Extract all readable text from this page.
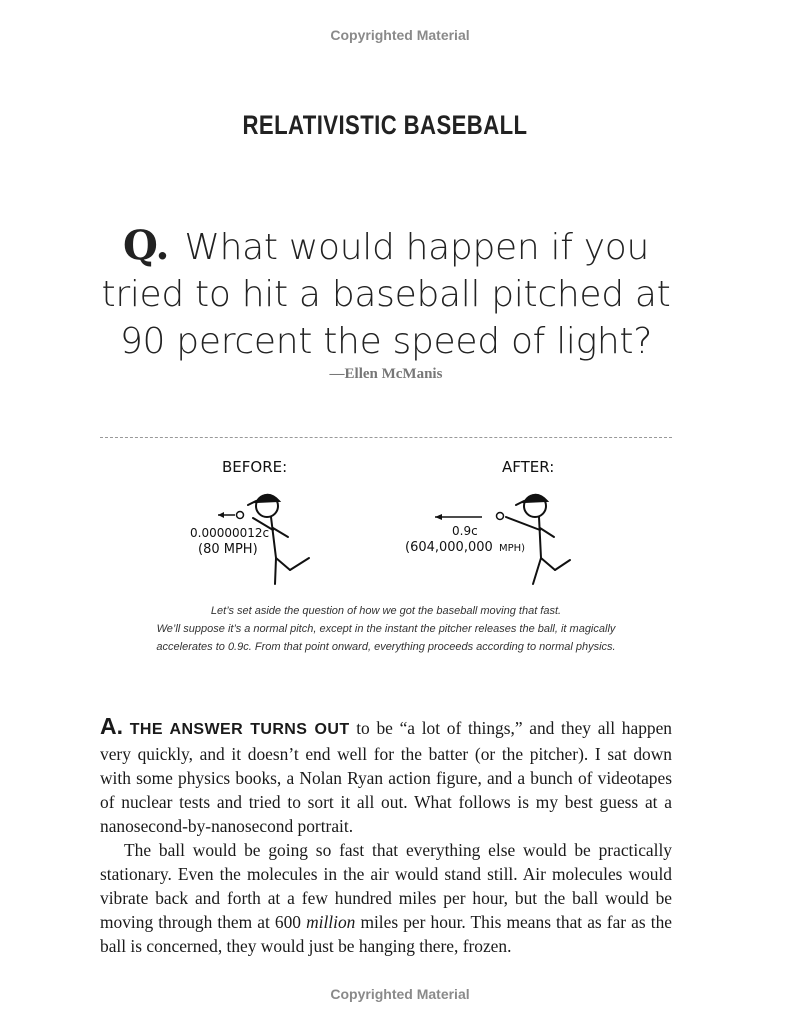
Copyrighted Material
RELATIVISTIC BASEBALL
Q. What would happen if you tried to hit a baseball pitched at 90 percent the speed of light?
—Ellen McManis
BEFORE:
0.00000012c
(80 MPH)
AFTER:
0.9c
(604,000,000 MPH)
Let’s set aside the question of how we got the baseball moving that fast.
We’ll suppose it’s a normal pitch, except in the instant the pitcher releases the ball, it magically
accelerates to 0.9c. From that point onward, everything proceeds according to normal physics.

A. THE ANSWER TURNS OUT to be “a lot of things,” and they all happen very quickly, and it doesn’t end well for the batter (or the pitcher). I sat down with some physics books, a Nolan Ryan action figure, and a bunch of videotapes of nuclear tests and tried to sort it all out. What follows is my best guess at a nanosecond-by-nanosecond portrait.

The ball would be going so fast that everything else would be practically stationary. Even the molecules in the air would stand still. Air molecules would vibrate back and forth at a few hundred miles per hour, but the ball would be moving through them at 600 million miles per hour. This means that as far as the ball is concerned, they would just be hanging there, frozen.

Copyrighted Material
